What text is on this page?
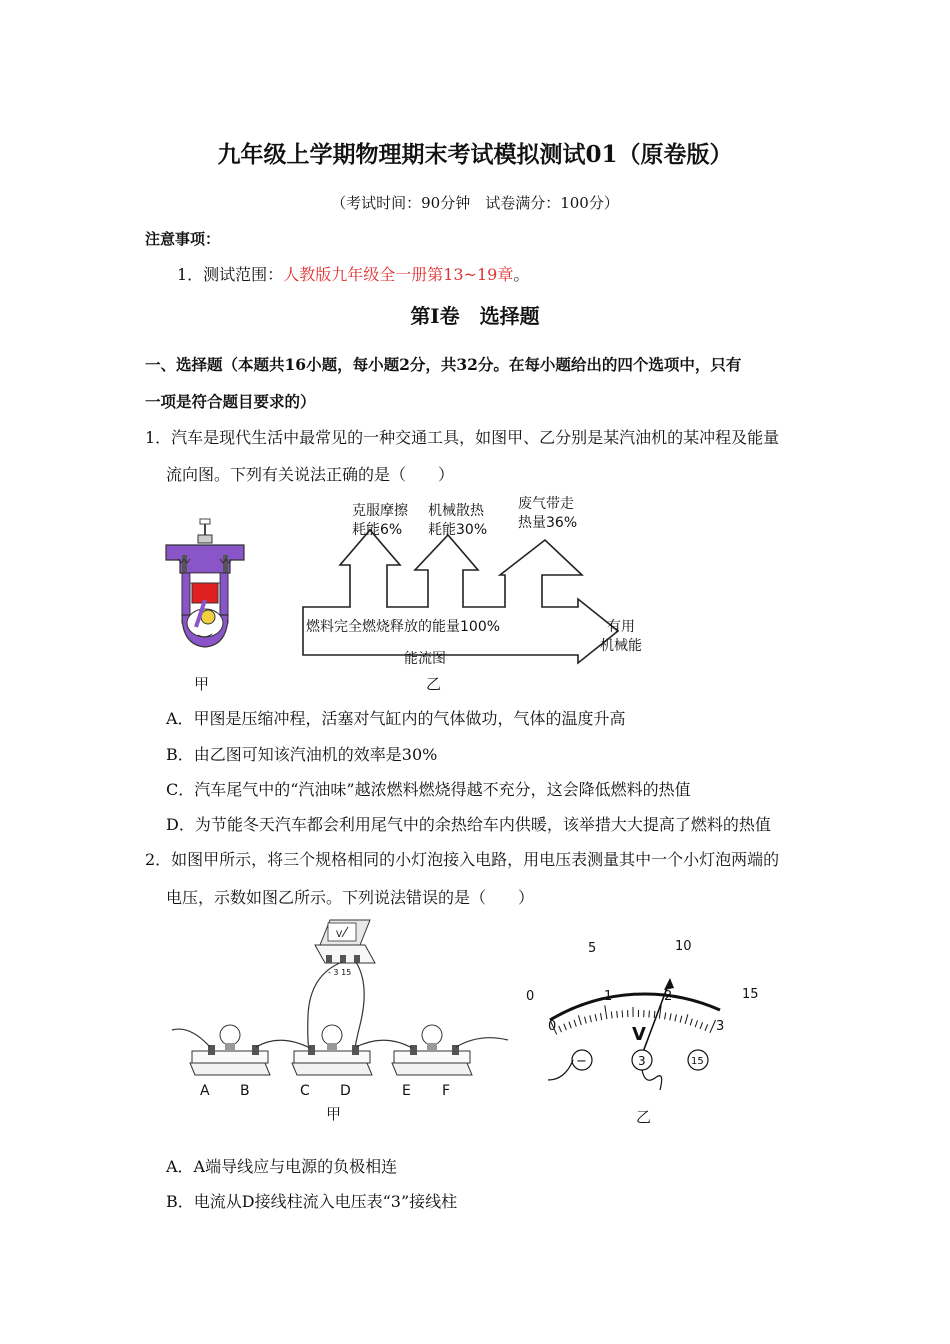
九年级上学期物理期末考试模拟测试01（原卷版）
（考试时间：90分钟　试卷满分：100分）
注意事项：
1．测试范围：人教版九年级全一册第13~19章。
第Ⅰ卷　选择题
一、选择题（本题共16小题，每小题2分，共32分。在每小题给出的四个选项中，只有
一项是符合题目要求的）
1．汽车是现代生活中最常见的一种交通工具，如图甲、乙分别是某汽油机的某冲程及能量
流向图。下列有关说法正确的是（　　）
甲
燃料完全燃烧释放的能量100%
克服摩擦
耗能6%
机械散热
耗能30%
废气带走
热量36%
有用
机械能
能流图
乙
A．甲图是压缩冲程，活塞对气缸内的气体做功，气体的温度升高
B．由乙图可知该汽油机的效率是30%
C．汽车尾气中的“汽油味”越浓燃料燃烧得越不充分，这会降低燃料的热值
D．为节能冬天汽车都会利用尾气中的余热给车内供暖，该举措大大提高了燃料的热值
2．如图甲所示，将三个规格相同的小灯泡接入电路，用电压表测量其中一个小灯泡两端的
电压，示数如图乙所示。下列说法错误的是（　　）
V
- 3 15
A B	C D	E F
甲
0
5	10
15
0
1	2
3
V
−	3	15
乙
A．A端导线应与电源的负极相连
B．电流从D接线柱流入电压表“3”接线柱
